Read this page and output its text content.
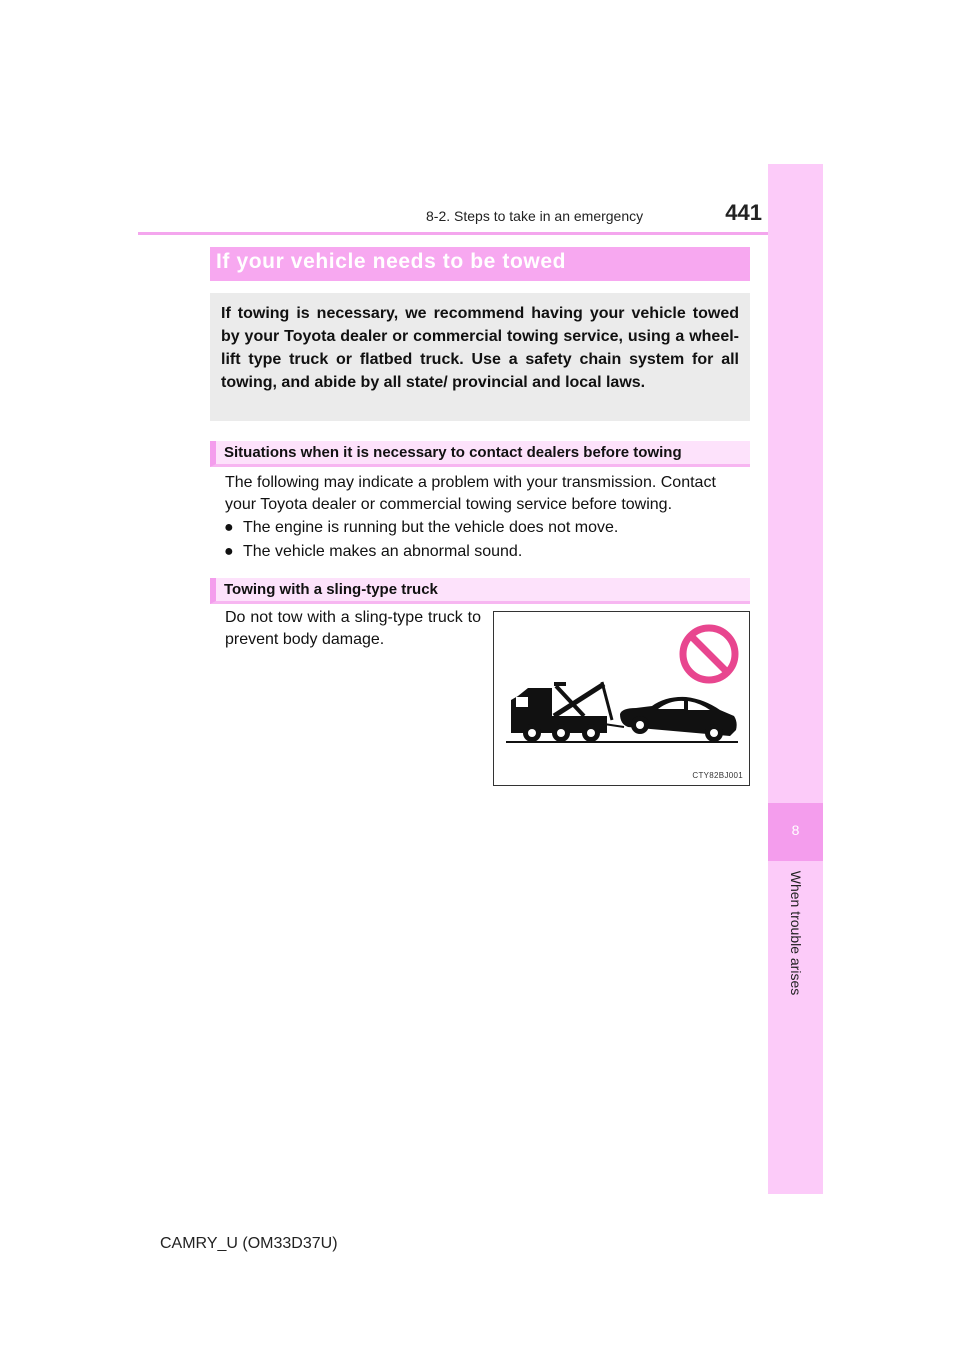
8-2. Steps to take in an emergency	441
8
When trouble arises
If your vehicle needs to be towed

If towing is necessary, we recommend having your vehicle towed by your Toyota dealer or commercial towing service, using a wheel-lift type truck or flatbed truck. Use a safety chain system for all towing, and abide by all state/ provincial and local laws.

Situations when it is necessary to contact dealers before towing

The following may indicate a problem with your transmission. Contact your Toyota dealer or commercial towing service before towing.

● The engine is running but the vehicle does not move.
● The vehicle makes an abnormal sound.
Towing with a sling-type truck

Do not tow with a sling-type truck to prevent body damage.

CTY82BJ001
CAMRY_U (OM33D37U)
